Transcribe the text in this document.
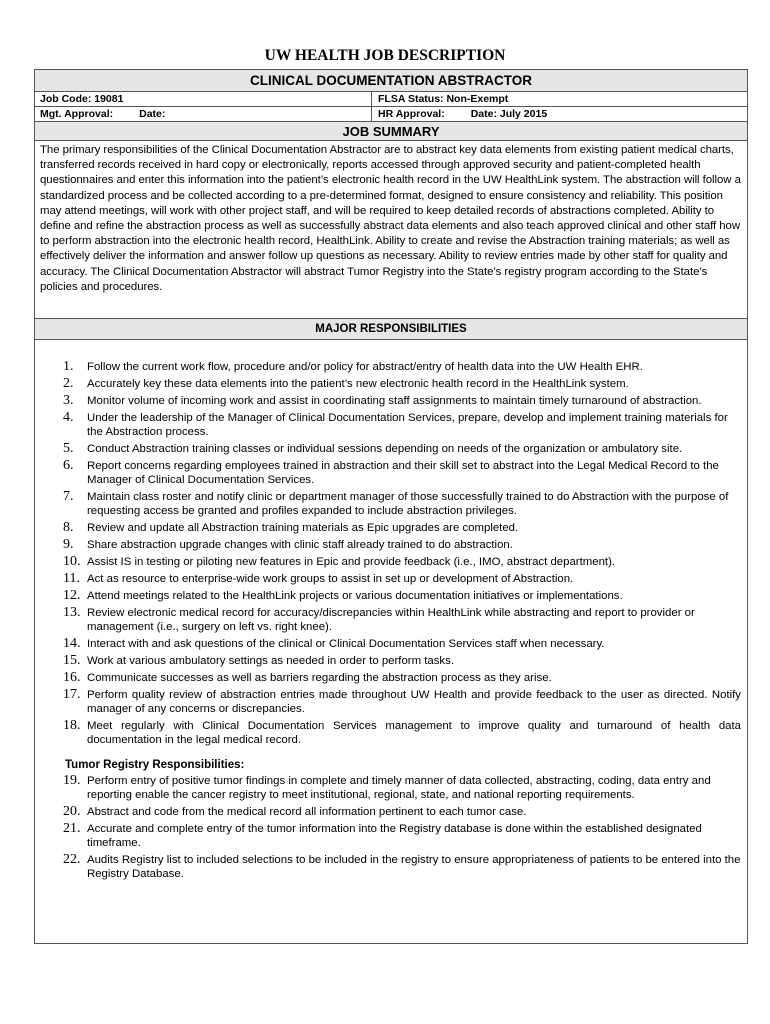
UW HEALTH JOB DESCRIPTION
CLINICAL DOCUMENTATION ABSTRACTOR
Job Code: 19081	FLSA Status: Non-Exempt
Mgt. Approval: Date:	HR Approval: Date: July 2015
JOB SUMMARY
The primary responsibilities of the Clinical Documentation Abstractor are to abstract key data elements from existing patient medical charts, transferred records received in hard copy or electronically, reports accessed through approved security and patient-completed health questionnaires and enter this information into the patient’s electronic health record in the UW HealthLink system. The abstraction will follow a standardized process and be collected according to a pre-determined format, designed to ensure consistency and reliability. This position may attend meetings, will work with other project staff, and will be required to keep detailed records of abstractions completed. Ability to define and refine the abstraction process as well as successfully abstract data elements and also teach approved clinical and other staff how to perform abstraction into the electronic health record, HealthLink. Ability to create and revise the Abstraction training materials; as well as effectively deliver the information and answer follow up questions as necessary. Ability to review entries made by other staff for quality and accuracy. The Clinical Documentation Abstractor will abstract Tumor Registry into the State’s registry program according to the State’s policies and procedures.
MAJOR RESPONSIBILITIES
1.	Follow the current work flow, procedure and/or policy for abstract/entry of health data into the UW Health EHR.
2.	Accurately key these data elements into the patient’s new electronic health record in the HealthLink system.
3.	Monitor volume of incoming work and assist in coordinating staff assignments to maintain timely turnaround of abstraction.
4.	Under the leadership of the Manager of Clinical Documentation Services, prepare, develop and implement training materials for the Abstraction process.
5.	Conduct Abstraction training classes or individual sessions depending on needs of the organization or ambulatory site.
6.	Report concerns regarding employees trained in abstraction and their skill set to abstract into the Legal Medical Record to the Manager of Clinical Documentation Services.
7.	Maintain class roster and notify clinic or department manager of those successfully trained to do Abstraction with the purpose of requesting access be granted and profiles expanded to include abstraction privileges.
8.	Review and update all Abstraction training materials as Epic upgrades are completed.
9.	Share abstraction upgrade changes with clinic staff already trained to do abstraction.
10. Assist IS in testing or piloting new features in Epic and provide feedback (i.e., IMO, abstract department).
11. Act as resource to enterprise-wide work groups to assist in set up or development of Abstraction.
12. Attend meetings related to the HealthLink projects or various documentation initiatives or implementations.
13. Review electronic medical record for accuracy/discrepancies within HealthLink while abstracting and report to provider or management (i.e., surgery on left vs. right knee).
14. Interact with and ask questions of the clinical or Clinical Documentation Services staff when necessary.
15. Work at various ambulatory settings as needed in order to perform tasks.
16. Communicate successes as well as barriers regarding the abstraction process as they arise.
17. Perform quality review of abstraction entries made throughout UW Health and provide feedback to the user as directed. Notify manager of any concerns or discrepancies.
18. Meet regularly with Clinical Documentation Services management to improve quality and turnaround of health data documentation in the legal medical record.
Tumor Registry Responsibilities:
19. Perform entry of positive tumor findings in complete and timely manner of data collected, abstracting, coding, data entry and reporting enable the cancer registry to meet institutional, regional, state, and national reporting requirements.
20. Abstract and code from the medical record all information pertinent to each tumor case.
21. Accurate and complete entry of the tumor information into the Registry database is done within the established designated timeframe.
22. Audits Registry list to included selections to be included in the registry to ensure appropriateness of patients to be entered into the Registry Database.
